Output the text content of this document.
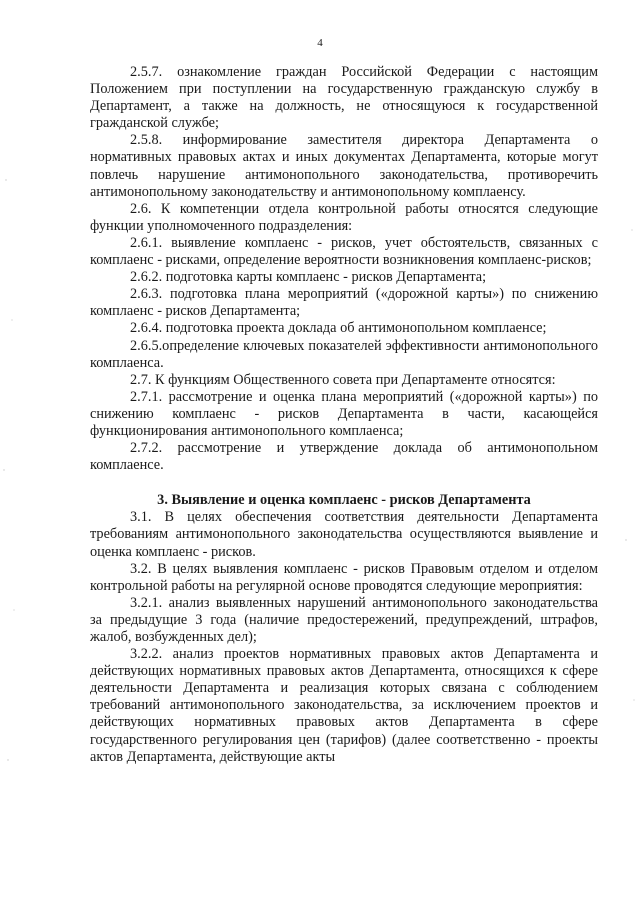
4

2.5.7. ознакомление граждан Российской Федерации с настоящим Положением при поступлении на государственную гражданскую службу в Департамент, а также на должность, не относящуюся к государственной гражданской службе;

2.5.8. информирование заместителя директора Департамента о нормативных правовых актах и иных документах Департамента, которые могут повлечь нарушение антимонопольного законодательства, противоречить антимонопольному законодательству и антимонопольному комплаенсу.

2.6. К компетенции отдела контрольной работы относятся следующие функции уполномоченного подразделения:

2.6.1. выявление комплаенс - рисков, учет обстоятельств, связанных с комплаенс - рисками, определение вероятности возникновения комплаенс-рисков;

2.6.2. подготовка карты комплаенс - рисков Департамента;

2.6.3. подготовка плана мероприятий («дорожной карты») по снижению комплаенс - рисков Департамента;

2.6.4. подготовка проекта доклада об антимонопольном комплаенсе;

2.6.5.определение ключевых показателей эффективности антимонопольного комплаенса.

2.7. К функциям Общественного совета при Департаменте относятся:

2.7.1. рассмотрение и оценка плана мероприятий («дорожной карты») по снижению комплаенс - рисков Департамента в части, касающейся функционирования антимонопольного комплаенса;

2.7.2. рассмотрение и утверждение доклада об антимонопольном комплаенсе.

3. Выявление и оценка комплаенс - рисков Департамента

3.1. В целях обеспечения соответствия деятельности Департамента требованиям антимонопольного законодательства осуществляются выявление и оценка комплаенс - рисков.

3.2. В целях выявления комплаенс - рисков Правовым отделом и отделом контрольной работы на регулярной основе проводятся следующие мероприятия:

3.2.1. анализ выявленных нарушений антимонопольного законодательства за предыдущие 3 года (наличие предостережений, предупреждений, штрафов, жалоб, возбужденных дел);

3.2.2. анализ проектов нормативных правовых актов Департамента и действующих нормативных правовых актов Департамента, относящихся к сфере деятельности Департамента и реализация которых связана с соблюдением требований антимонопольного законодательства, за исключением проектов и действующих нормативных правовых актов Департамента в сфере государственного регулирования цен (тарифов) (далее соответственно - проекты актов Департамента, действующие акты
